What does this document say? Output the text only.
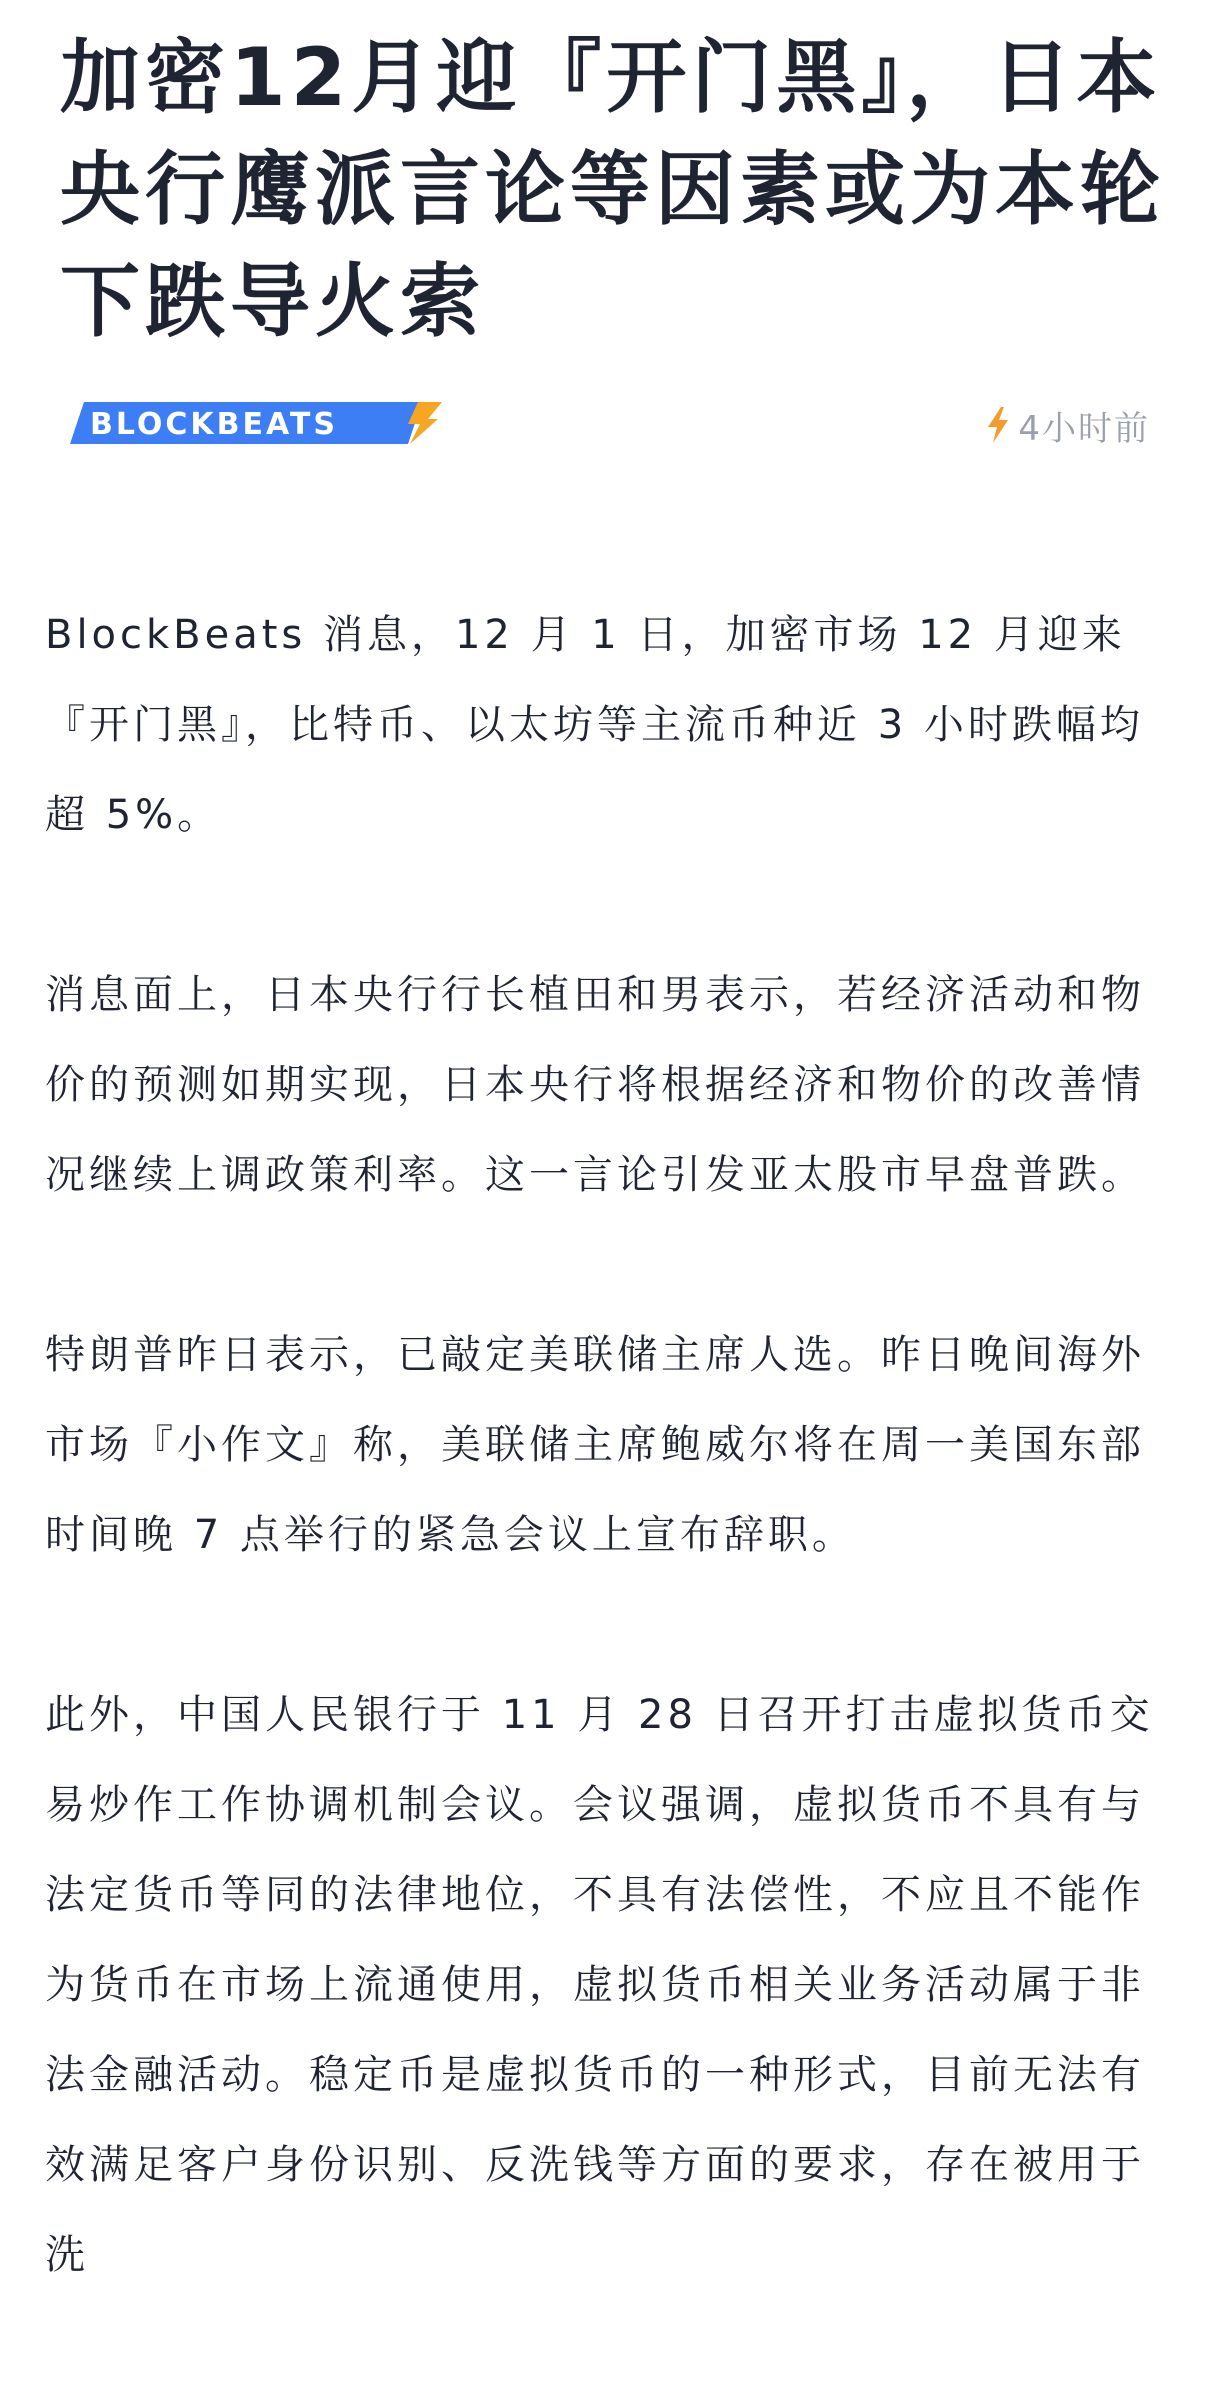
加密12月迎『开门黑』，日本央行鹰派言论等因素或为本轮下跌导火索
BLOCKBEATS	4小时前

BlockBeats 消息，12 月 1 日，加密市场 12 月迎来『开门黑』，比特币、以太坊等主流币种近 3 小时跌幅均超 5%。

消息面上，日本央行行长植田和男表示，若经济活动和物价的预测如期实现，日本央行将根据经济和物价的改善情况继续上调政策利率。这一言论引发亚太股市早盘普跌。

特朗普昨日表示，已敲定美联储主席人选。昨日晚间海外市场『小作文』称，美联储主席鲍威尔将在周一美国东部时间晚 7 点举行的紧急会议上宣布辞职。

此外，中国人民银行于 11 月 28 日召开打击虚拟货币交易炒作工作协调机制会议。会议强调，虚拟货币不具有与法定货币等同的法律地位，不具有法偿性，不应且不能作为货币在市场上流通使用，虚拟货币相关业务活动属于非法金融活动。稳定币是虚拟货币的一种形式，目前无法有效满足客户身份识别、反洗钱等方面的要求，存在被用于洗
